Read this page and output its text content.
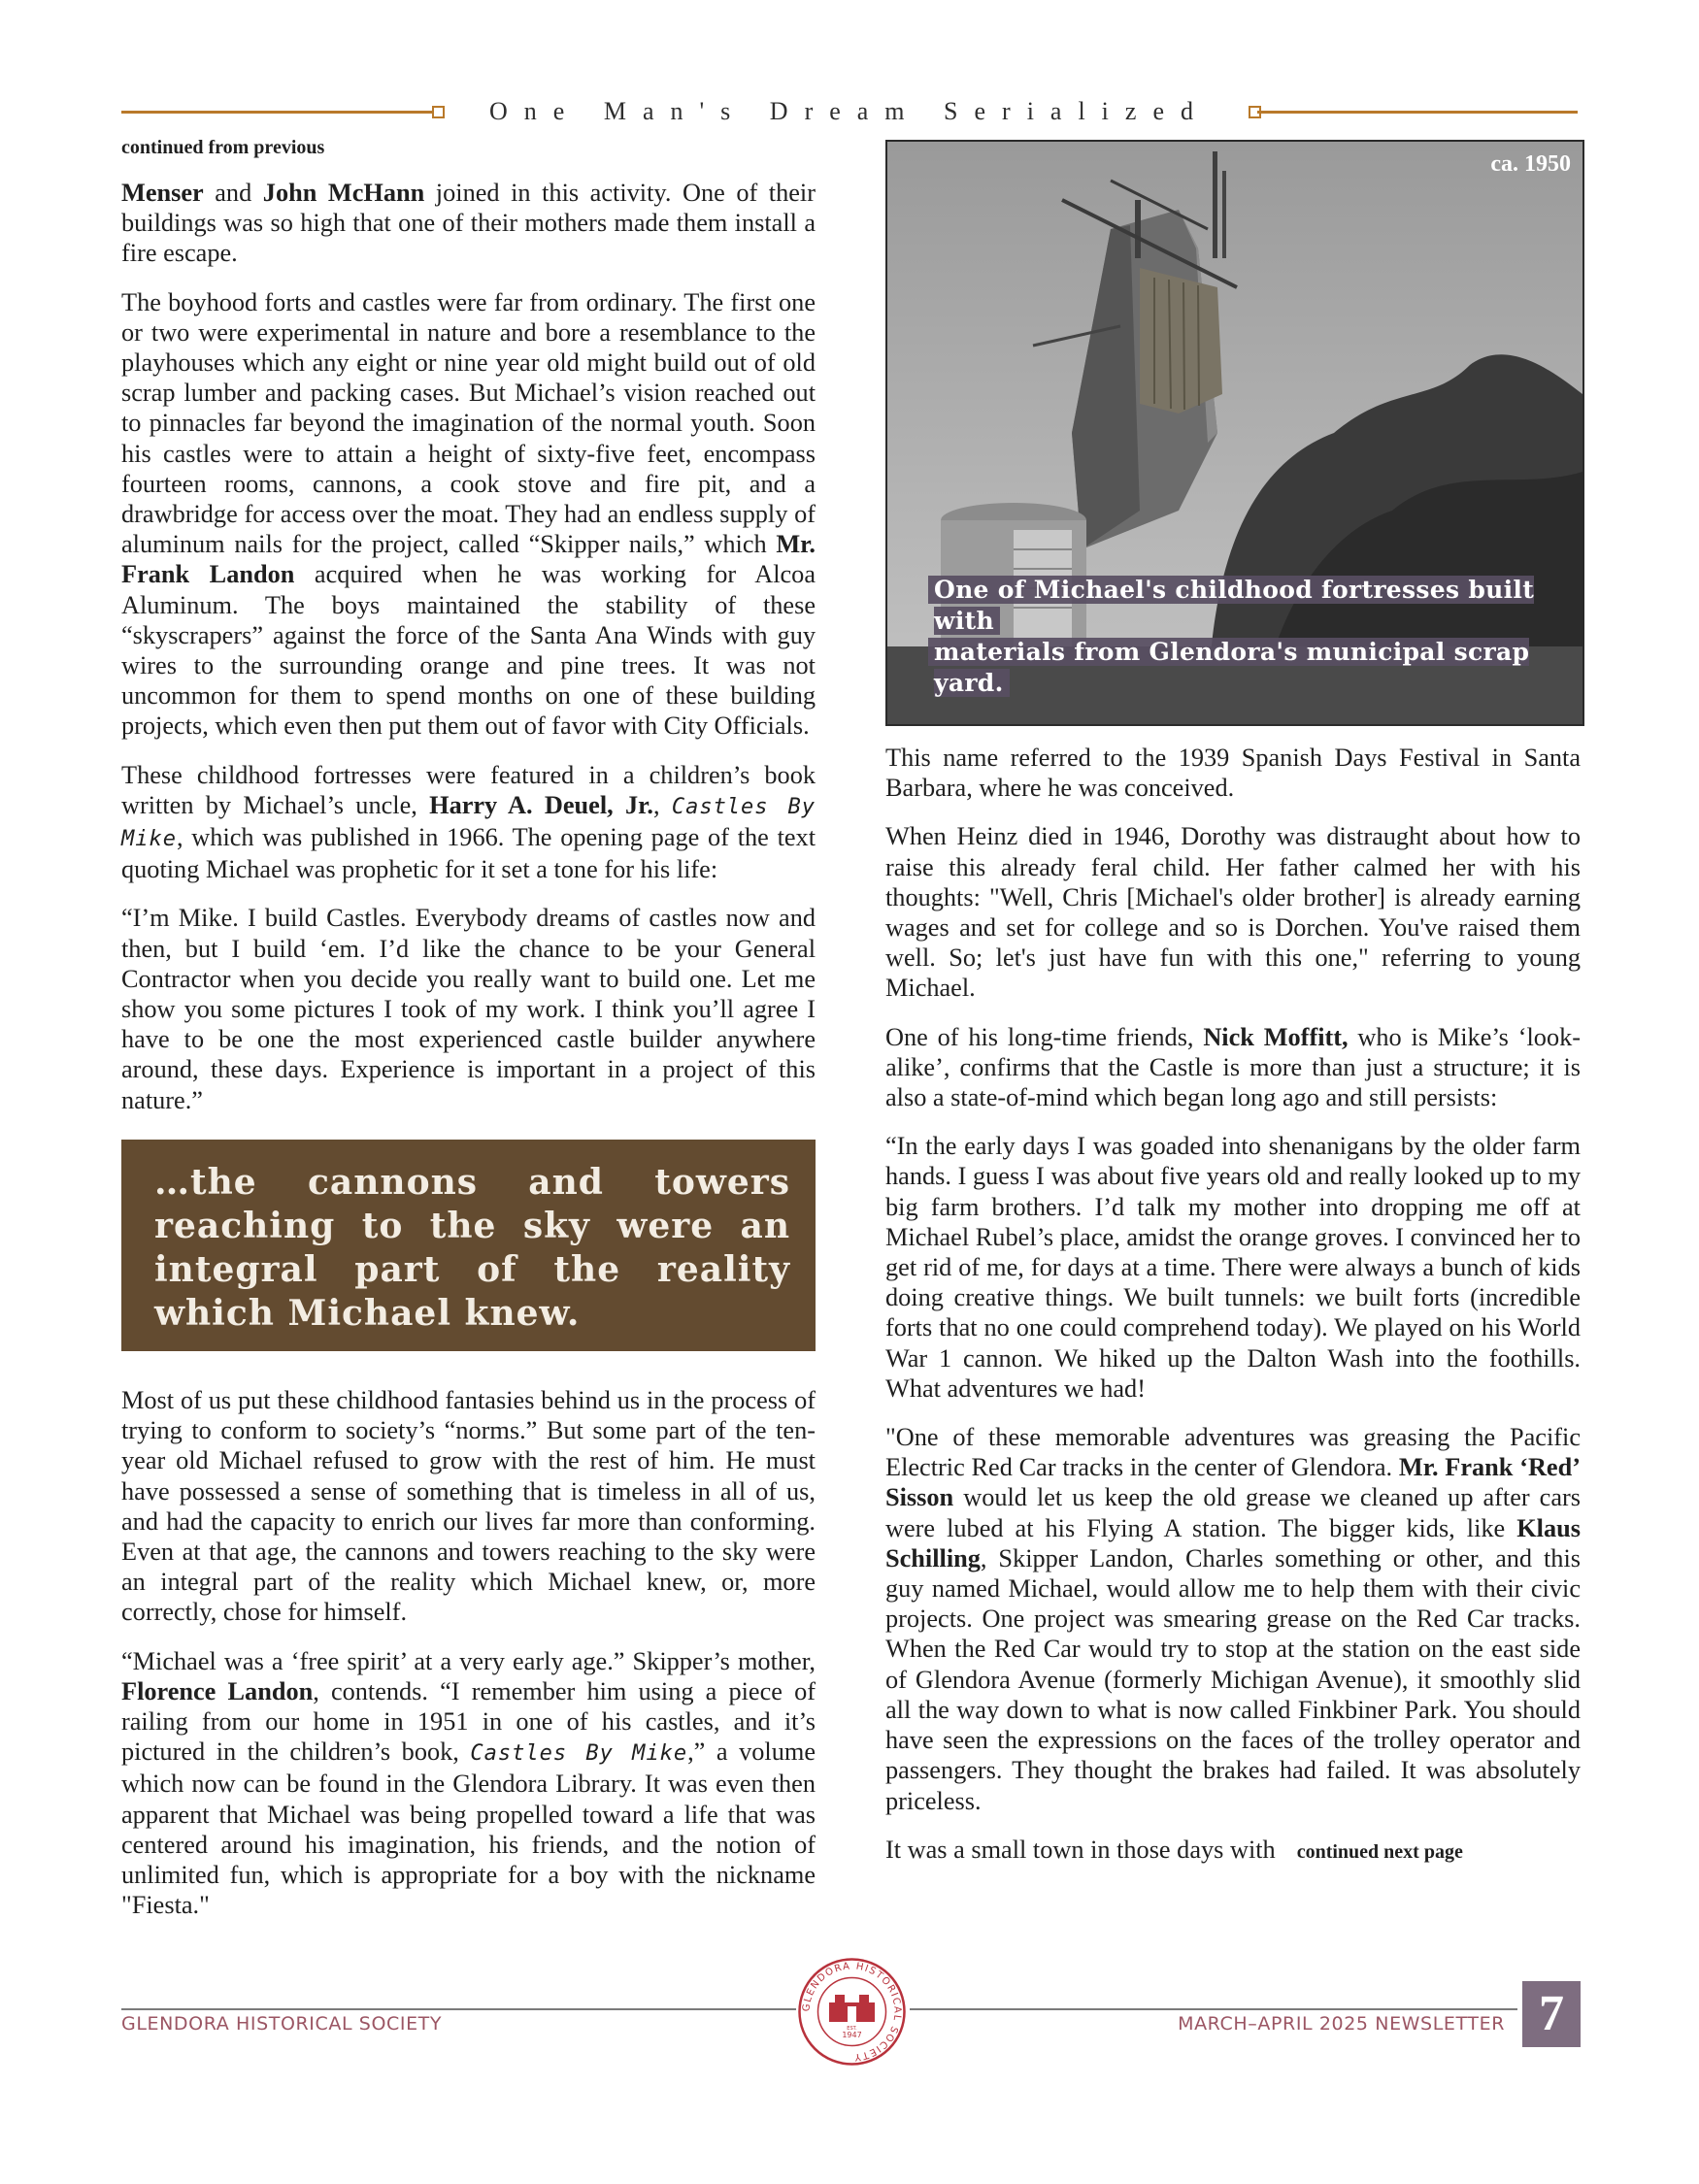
One Man's Dream Serialized

continued from previous

Menser and John McHann joined in this activity. One of their buildings was so high that one of their mothers made them install a fire escape.

The boyhood forts and castles were far from ordinary. The first one or two were experimental in nature and bore a resemblance to the playhouses which any eight or nine year old might build out of old scrap lumber and packing cases. But Michael’s vision reached out to pinnacles far beyond the imagination of the normal youth. Soon his castles were to attain a height of sixty-five feet, encompass fourteen rooms, cannons, a cook stove and fire pit, and a drawbridge for access over the moat. They had an endless supply of aluminum nails for the project, called “Skipper nails,” which Mr. Frank Landon acquired when he was working for Alcoa Aluminum. The boys maintained the stability of these “skyscrapers” against the force of the Santa Ana Winds with guy wires to the surrounding orange and pine trees. It was not uncommon for them to spend months on one of these building projects, which even then put them out of favor with City Officials.

These childhood fortresses were featured in a children’s book written by Michael’s uncle, Harry A. Deuel, Jr., Castles By Mike, which was published in 1966. The opening page of the text quoting Michael was prophetic for it set a tone for his life:

“I’m Mike. I build Castles. Everybody dreams of castles now and then, but I build ‘em. I’d like the chance to be your General Contractor when you decide you really want to build one. Let me show you some pictures I took of my work. I think you’ll agree I have to be one the most experienced castle builder anywhere around, these days. Experience is important in a project of this nature.”

…the cannons and towers reaching to the sky were an integral part of the reality which Michael knew.

Most of us put these childhood fantasies behind us in the process of trying to conform to society’s “norms.” But some part of the ten-year old Michael refused to grow with the rest of him. He must have possessed a sense of something that is timeless in all of us, and had the capacity to enrich our lives far more than conforming. Even at that age, the cannons and towers reaching to the sky were an integral part of the reality which Michael knew, or, more correctly, chose for himself.

“Michael was a ‘free spirit’ at a very early age.” Skipper’s mother, Florence Landon, contends. “I remember him using a piece of railing from our home in 1951 in one of his castles, and it’s pictured in the children’s book, Castles By Mike,” a volume which now can be found in the Glendora Library. It was even then apparent that Michael was being propelled toward a life that was centered around his imagination, his friends, and the notion of unlimited fun, which is appropriate for a boy with the nickname "Fiesta."

ca. 1950
One of Michael's childhood fortresses built with
materials from Glendora's municipal scrap yard.

This name referred to the 1939 Spanish Days Festival in Santa Barbara, where he was conceived.

When Heinz died in 1946, Dorothy was distraught about how to raise this already feral child. Her father calmed her with his thoughts: "Well, Chris [Michael's older brother] is already earning wages and set for college and so is Dorchen. You've raised them well. So; let's just have fun with this one," referring to young Michael.

One of his long-time friends, Nick Moffitt, who is Mike’s ‘look-alike’, confirms that the Castle is more than just a structure; it is also a state-of-mind which began long ago and still persists:

“In the early days I was goaded into shenanigans by the older farm hands. I guess I was about five years old and really looked up to my big farm brothers. I’d talk my mother into dropping me off at Michael Rubel’s place, amidst the orange groves. I convinced her to get rid of me, for days at a time. There were always a bunch of kids doing creative things. We built tunnels: we built forts (incredible forts that no one could comprehend today). We played on his World War 1 cannon. We hiked up the Dalton Wash into the foothills. What adventures we had!

"One of these memorable adventures was greasing the Pacific Electric Red Car tracks in the center of Glendora. Mr. Frank ‘Red’ Sisson would let us keep the old grease we cleaned up after cars were lubed at his Flying A station. The bigger kids, like Klaus Schilling, Skipper Landon, Charles something or other, and this guy named Michael, would allow me to help them with their civic projects. One project was smearing grease on the Red Car tracks. When the Red Car would try to stop at the station on the east side of Glendora Avenue (formerly Michigan Avenue), it smoothly slid all the way down to what is now called Finkbiner Park. You should have seen the expressions on the faces of the trolley operator and passengers. They thought the brakes had failed. It was absolutely priceless.

It was a small town in those days with continued next page

GLENDORA HISTORICAL SOCIETY	MARCH–APRIL 2025 NEWSLETTER 7
GLENDORA HISTORICAL SOCIETY
EST.
1947
